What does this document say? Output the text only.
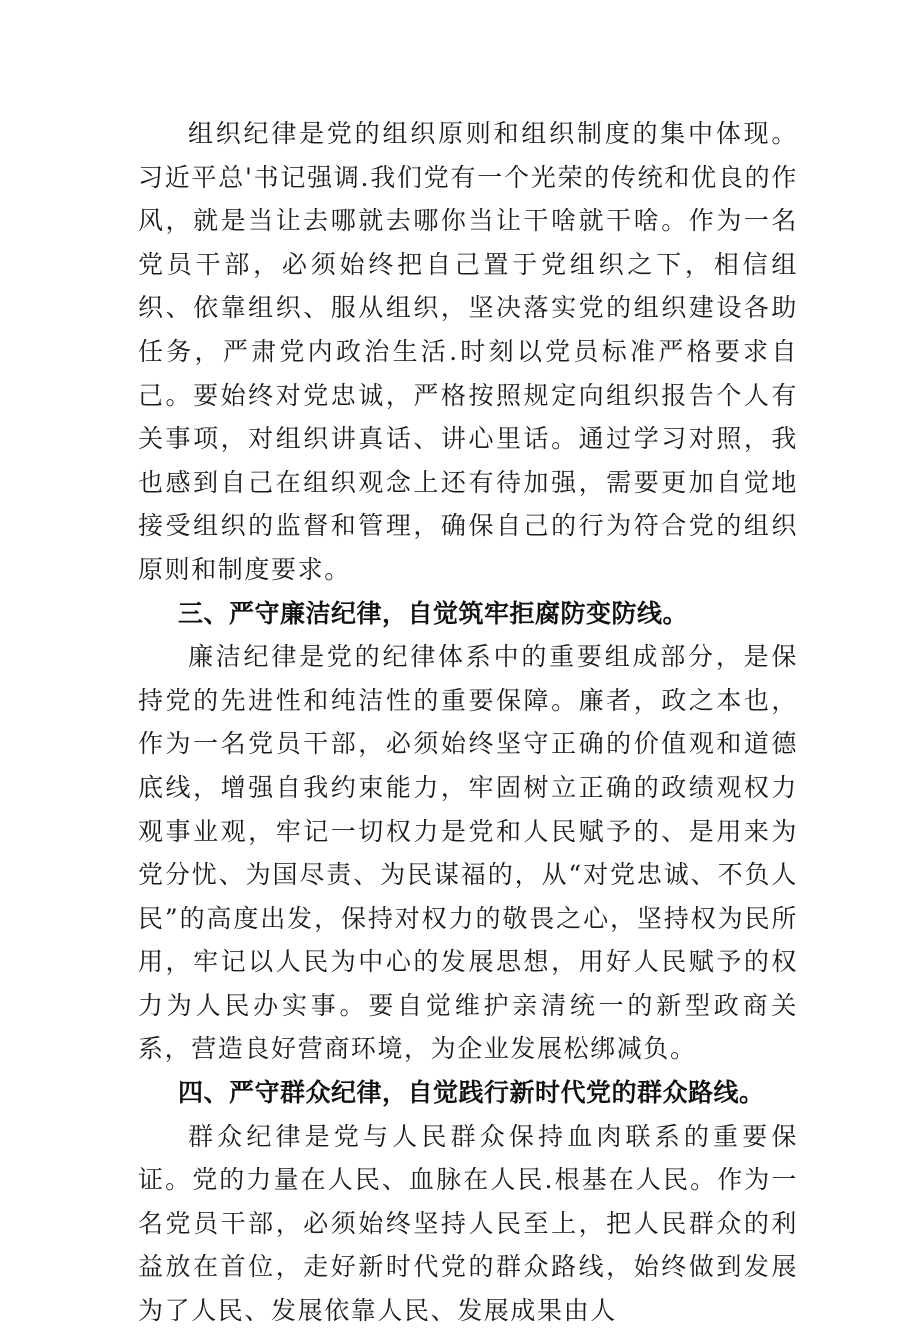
组织纪律是党的组织原则和组织制度的集中体现。习近平总'书记强调.我们党有一个光荣的传统和优良的作风，就是当让去哪就去哪你当让干啥就干啥。作为一名党员干部，必须始终把自己置于党组织之下，相信组织、依靠组织、服从组织，坚决落实党的组织建设各助任务，严肃党内政治生活.时刻以党员标准严格要求自己。要始终对党忠诚，严格按照规定向组织报告个人有关事项，对组织讲真话、讲心里话。通过学习对照，我也感到自己在组织观念上还有待加强，需要更加自觉地接受组织的监督和管理，确保自己的行为符合党的组织原则和制度要求。

三、严守廉洁纪律，自觉筑牢拒腐防变防线。

廉洁纪律是党的纪律体系中的重要组成部分，是保持党的先进性和纯洁性的重要保障。廉者，政之本也，作为一名党员干部，必须始终坚守正确的价值观和道德底线，增强自我约束能力，牢固树立正确的政绩观权力观事业观，牢记一切权力是党和人民赋予的、是用来为党分忧、为国尽责、为民谋福的，从“对党忠诚、不负人民”的高度出发，保持对权力的敬畏之心，坚持权为民所用，牢记以人民为中心的发展思想，用好人民赋予的权力为人民办实事。要自觉维护亲清统一的新型政商关系，营造良好营商环境，为企业发展松绑减负。

四、严守群众纪律，自觉践行新时代党的群众路线。

群众纪律是党与人民群众保持血肉联系的重要保证。党的力量在人民、血脉在人民.根基在人民。作为一名党员干部，必须始终坚持人民至上，把人民群众的利益放在首位，走好新时代党的群众路线，始终做到发展为了人民、发展依靠人民、发展成果由人
